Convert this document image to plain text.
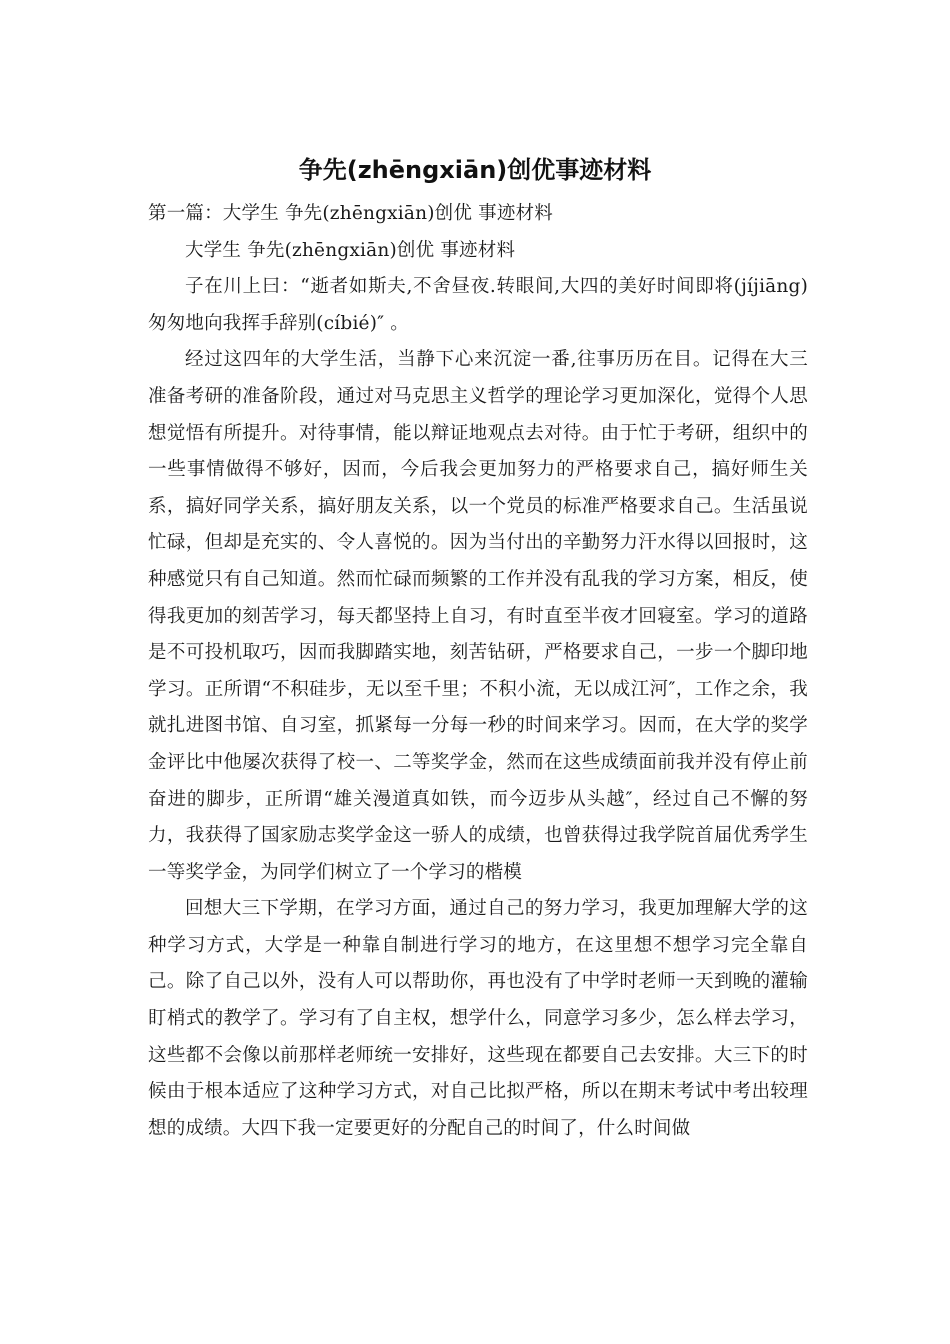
争先(zhēngxiān)创优事迹材料

第一篇：大学生 争先(zhēngxiān)创优 事迹材料

大学生 争先(zhēngxiān)创优 事迹材料

子在川上曰：“逝者如斯夫,不舍昼夜.转眼间,大四的美好时间即将(jíjiāng)匆匆地向我挥手辞别(cíbié)″ 。

经过这四年的大学生活，当静下心来沉淀一番,往事历历在目。记得在大三准备考研的准备阶段，通过对马克思主义哲学的理论学习更加深化，觉得个人思想觉悟有所提升。对待事情，能以辩证地观点去对待。由于忙于考研，组织中的一些事情做得不够好，因而，今后我会更加努力的严格要求自己，搞好师生关系，搞好同学关系，搞好朋友关系，以一个党员的标准严格要求自己。生活虽说忙碌，但却是充实的、令人喜悦的。因为当付出的辛勤努力汗水得以回报时，这种感觉只有自己知道。然而忙碌而频繁的工作并没有乱我的学习方案，相反，使得我更加的刻苦学习，每天都坚持上自习，有时直至半夜才回寝室。学习的道路是不可投机取巧，因而我脚踏实地，刻苦钻研，严格要求自己，一步一个脚印地学习。正所谓“不积硅步，无以至千里；不积小流，无以成江河″，工作之余，我就扎进图书馆、自习室，抓紧每一分每一秒的时间来学习。因而，在大学的奖学金评比中他屡次获得了校一、二等奖学金，然而在这些成绩面前我并没有停止前奋进的脚步，正所谓“雄关漫道真如铁，而今迈步从头越″，经过自己不懈的努力，我获得了国家励志奖学金这一骄人的成绩，也曾获得过我学院首届优秀学生一等奖学金，为同学们树立了一个学习的楷模

回想大三下学期，在学习方面，通过自己的努力学习，我更加理解大学的这种学习方式，大学是一种靠自制进行学习的地方，在这里想不想学习完全靠自己。除了自己以外，没有人可以帮助你，再也没有了中学时老师一天到晚的灌输盯梢式的教学了。学习有了自主权，想学什么，同意学习多少，怎么样去学习，这些都不会像以前那样老师统一安排好，这些现在都要自己去安排。大三下的时候由于根本适应了这种学习方式，对自己比拟严格，所以在期末考试中考出较理想的成绩。大四下我一定要更好的分配自己的时间了，什么时间做
